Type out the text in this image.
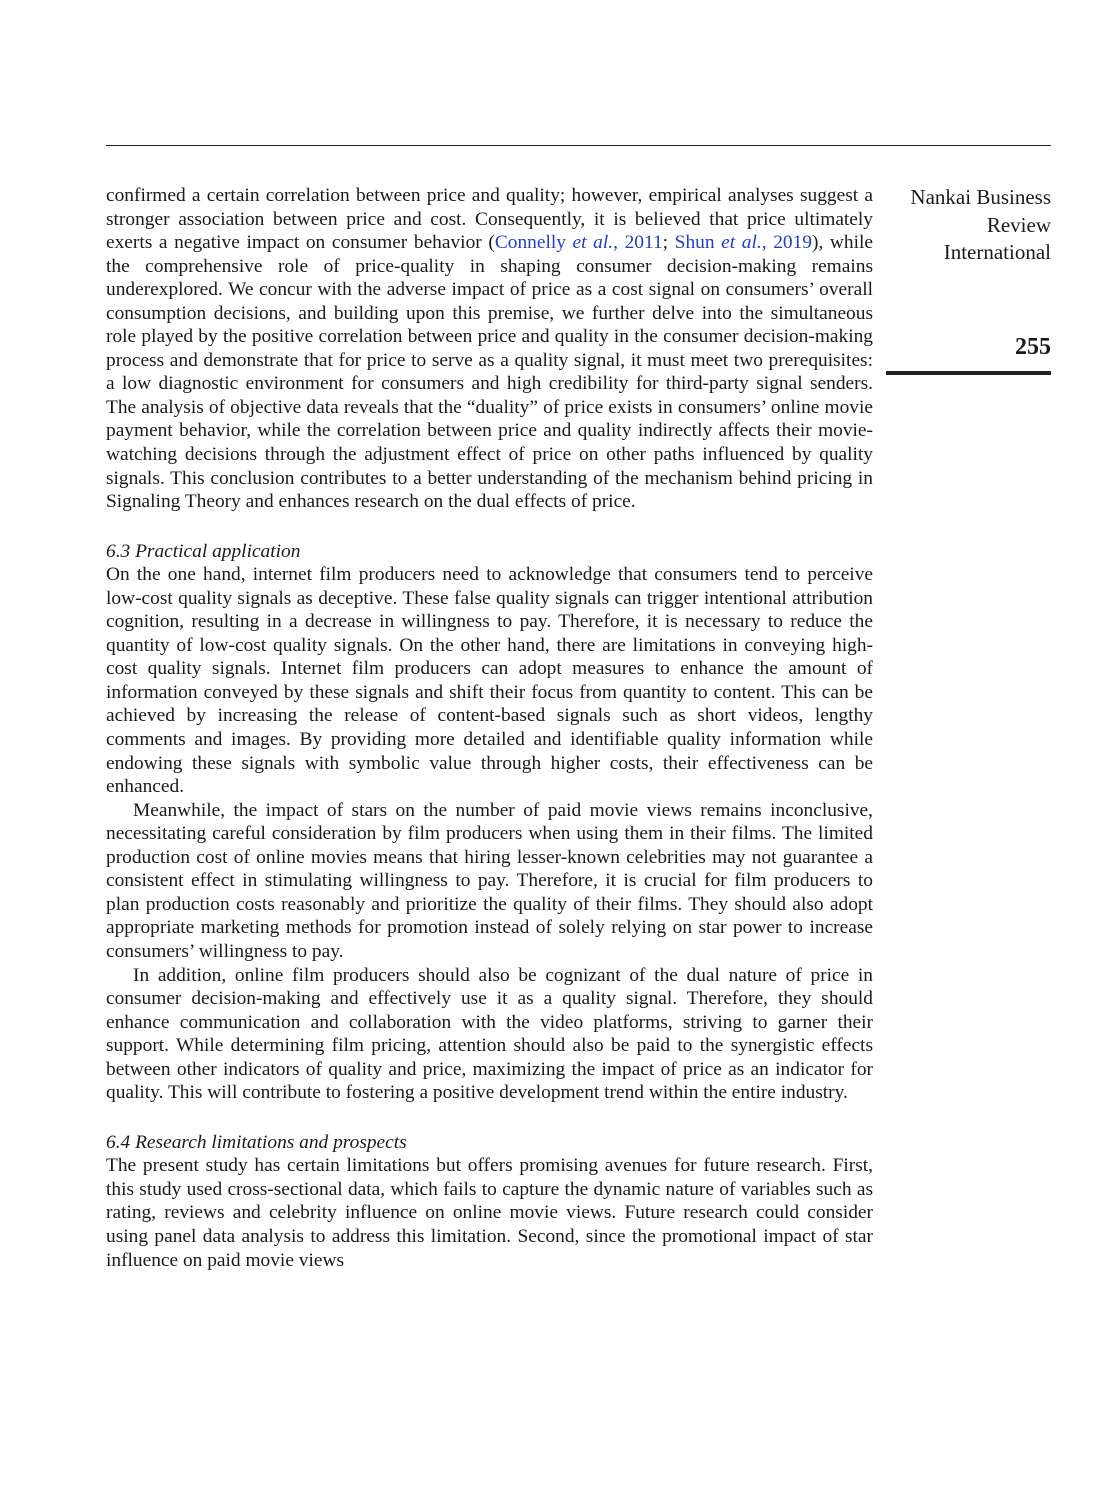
Nankai Business
Review
International
255

confirmed a certain correlation between price and quality; however, empirical analyses suggest a stronger association between price and cost. Consequently, it is believed that price ultimately exerts a negative impact on consumer behavior (Connelly et al., 2011; Shun et al., 2019), while the comprehensive role of price-quality in shaping consumer decision-making remains underexplored. We concur with the adverse impact of price as a cost signal on consumers’ overall consumption decisions, and building upon this premise, we further delve into the simultaneous role played by the positive correlation between price and quality in the consumer decision-making process and demonstrate that for price to serve as a quality signal, it must meet two prerequisites: a low diagnostic environment for consumers and high credibility for third-party signal senders. The analysis of objective data reveals that the “duality” of price exists in consumers’ online movie payment behavior, while the correlation between price and quality indirectly affects their movie-watching decisions through the adjustment effect of price on other paths influenced by quality signals. This conclusion contributes to a better understanding of the mechanism behind pricing in Signaling Theory and enhances research on the dual effects of price.

6.3 Practical application

On the one hand, internet film producers need to acknowledge that consumers tend to perceive low-cost quality signals as deceptive. These false quality signals can trigger intentional attribution cognition, resulting in a decrease in willingness to pay. Therefore, it is necessary to reduce the quantity of low-cost quality signals. On the other hand, there are limitations in conveying high-cost quality signals. Internet film producers can adopt measures to enhance the amount of information conveyed by these signals and shift their focus from quantity to content. This can be achieved by increasing the release of content-based signals such as short videos, lengthy comments and images. By providing more detailed and identifiable quality information while endowing these signals with symbolic value through higher costs, their effectiveness can be enhanced.

Meanwhile, the impact of stars on the number of paid movie views remains inconclusive, necessitating careful consideration by film producers when using them in their films. The limited production cost of online movies means that hiring lesser-known celebrities may not guarantee a consistent effect in stimulating willingness to pay. Therefore, it is crucial for film producers to plan production costs reasonably and prioritize the quality of their films. They should also adopt appropriate marketing methods for promotion instead of solely relying on star power to increase consumers’ willingness to pay.

In addition, online film producers should also be cognizant of the dual nature of price in consumer decision-making and effectively use it as a quality signal. Therefore, they should enhance communication and collaboration with the video platforms, striving to garner their support. While determining film pricing, attention should also be paid to the synergistic effects between other indicators of quality and price, maximizing the impact of price as an indicator for quality. This will contribute to fostering a positive development trend within the entire industry.

6.4 Research limitations and prospects

The present study has certain limitations but offers promising avenues for future research. First, this study used cross-sectional data, which fails to capture the dynamic nature of variables such as rating, reviews and celebrity influence on online movie views. Future research could consider using panel data analysis to address this limitation. Second, since the promotional impact of star influence on paid movie views
